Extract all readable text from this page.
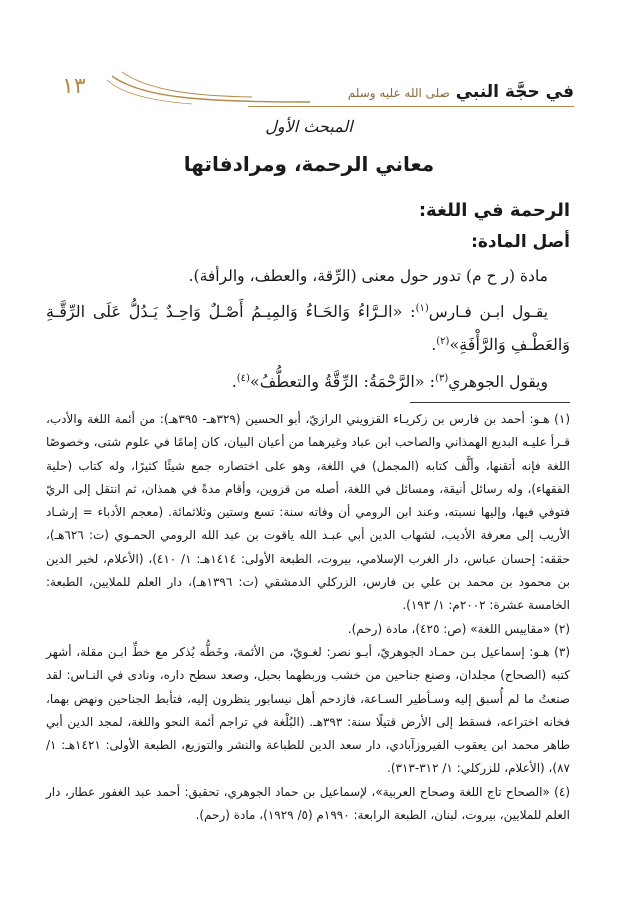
١٣	في حجَّة النبي صلى الله عليه وسلم
المبحث الأول
معاني الرحمة، ومرادفاتها
الرحمة في اللغة:
أصل المادة:
مادة (ر ح م) تدور حول معنى (الرِّقة، والعطف، والرأفة).
يقـول ابـن فـارس$^{(١)}$: «الـرَّاءُ وَالحَـاءُ وَالمِيـمُ أَصْـلٌ وَاحِـدٌ يَـدُلُّ عَلَى الرِّقَّـةِ وَالعَطْـفِ وَالرَّأْفَةِ»$^{(٢)}$.
ويقول الجوهري$^{(٣)}$: «الرَّحْمَةُ: الرِّقَّةُ والتعطُّفُ»$^{(٤)}$.

(١) هـو: أحمد بن فارس بن زكريـاء القزويني الرازيّ، أبو الحسين (٣٢٩هـ- ٣٩٥هـ): من أئمة اللغة والأدب، قـرأ عليـه البديع الهمذاني والصاحب ابن عباد وغيرهما من أعيان البيان، كان إمامًا في علوم شتى، وخصوصًا اللغة فإنه أتقنها، وألَّف كتابه (المجمل) في اللغة، وهو على اختصاره جمع شيئًا كثيرًا، وله كتاب (حلية الفقهاء)، وله رسائل أنيقة، ومسائل في اللغة، أصله من قزوين، وأقام مدةً في همذان، ثم انتقل إلى الريّ فتوفي فيها، وإليها نسبته، وعند ابن الرومي أن وفاته سنة: تسع وستين وثلاثمائة. (معجم الأدباء = إرشـاد الأريب إلى معرفة الأديب، لشهاب الدين أبي عبـد الله ياقوت بن عبد الله الرومي الحمـوي (ت: ٦٢٦هـ)، حققه: إحسان عباس، دار الغرب الإسلامي، بيروت، الطبعة الأولى: ١٤١٤هـ: ١/ ٤١٠)، (الأعلام، لخير الدين بن محمود بن محمد بن علي بن فارس، الزركلي الدمشقي (ت: ١٣٩٦هـ)، دار العلم للملايين، الطبعة: الخامسة عشرة: ٢٠٠٢م: ١/ ١٩٣).

(٢) «مقاييس اللغة» (ص: ٤٢٥)، مادة (رحم).

(٣) هـو: إسماعيل بـن حمـاد الجوهريّ، أبـو نصر: لغـويّ، من الأئمة، وخَطُّه يُذكر مع خطِّ ابـن مقلة، أشهر كتبه (الصحاح) مجلدان، وصنع جناحين من خشب وربطهما بحبل، وصعد سطح داره، ونادى في النـاس: لقد صنعتُ ما لم أُسبق إليه وسـأطير السـاعة، فازدحم أهل نيسابور ينظرون إليه، فتأبط الجناحين ونهض بهما، فخانه اختراعه، فسقط إلى الأرض قتيلًا سنة: ٣٩٣هـ. (البُلْغة في تراجم أئمة النحو واللغة، لمجد الدين أبي طاهر محمد ابن يعقوب الفيروزآبادي، دار سعد الدين للطباعة والنشر والتوزيع، الطبعة الأولى: ١٤٢١هـ: ١/ ٨٧)، (الأعلام، للزركلي: ١/ ٣١٢-٣١٣).

(٤) «الصحاح تاج اللغة وصحاح العربية»، لإسماعيل بن حماد الجوهري، تحقيق: أحمد عبد الغفور عطار، دار العلم للملايين، بيروت، لبنان، الطبعة الرابعة: ١٩٩٠م (٥/ ١٩٢٩)، مادة (رحم).
